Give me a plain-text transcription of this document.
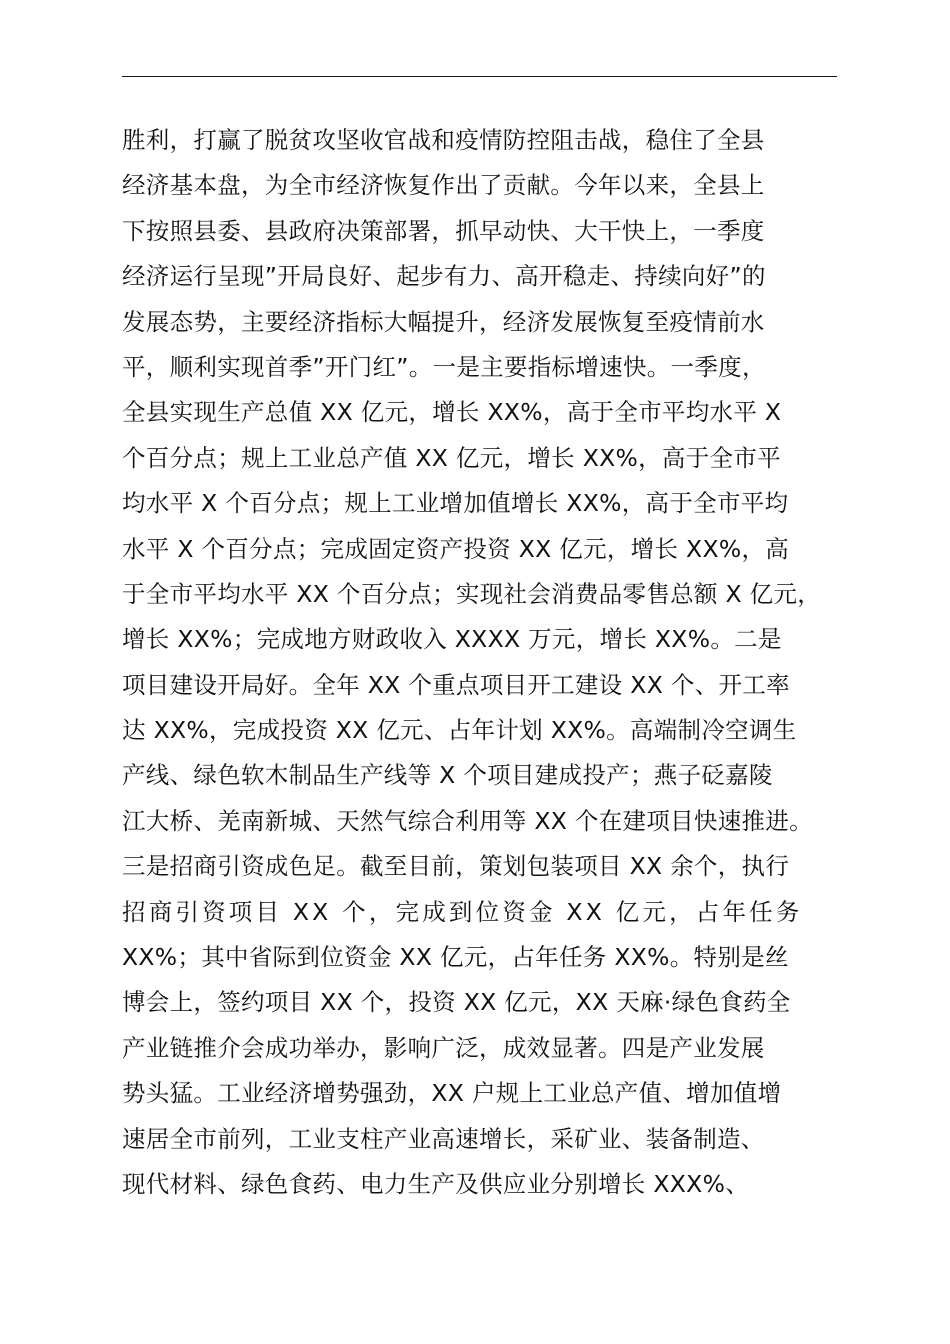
胜利，打赢了脱贫攻坚收官战和疫情防控阻击战，稳住了全县
经济基本盘，为全市经济恢复作出了贡献。今年以来，全县上
下按照县委、县政府决策部署，抓早动快、大干快上，一季度
经济运行呈现”开局良好、起步有力、高开稳走、持续向好”的
发展态势，主要经济指标大幅提升，经济发展恢复至疫情前水
平，顺利实现首季”开门红”。一是主要指标增速快。一季度，
全县实现生产总值 XX 亿元，增长 XX%，高于全市平均水平 X
个百分点；规上工业总产值 XX 亿元，增长 XX%，高于全市平
均水平 X 个百分点；规上工业增加值增长 XX%，高于全市平均
水平 X 个百分点；完成固定资产投资 XX 亿元，增长 XX%，高
于全市平均水平 XX 个百分点；实现社会消费品零售总额 X 亿元，
增长 XX%；完成地方财政收入 XXXX 万元，增长 XX%。二是
项目建设开局好。全年 XX 个重点项目开工建设 XX 个、开工率
达 XX%，完成投资 XX 亿元、占年计划 XX%。高端制冷空调生
产线、绿色软木制品生产线等 X 个项目建成投产；燕子砭嘉陵
江大桥、羌南新城、天然气综合利用等 XX 个在建项目快速推进。
三是招商引资成色足。截至目前，策划包装项目 XX 余个，执行
招商引资项目 XX 个，完成到位资金 XX 亿元，占年任务
XX%；其中省际到位资金 XX 亿元，占年任务 XX%。特别是丝
博会上，签约项目 XX 个，投资 XX 亿元，XX 天麻·绿色食药全
产业链推介会成功举办，影响广泛，成效显著。四是产业发展
势头猛。工业经济增势强劲，XX 户规上工业总产值、增加值增
速居全市前列，工业支柱产业高速增长，采矿业、装备制造、
现代材料、绿色食药、电力生产及供应业分别增长 XXX%、
